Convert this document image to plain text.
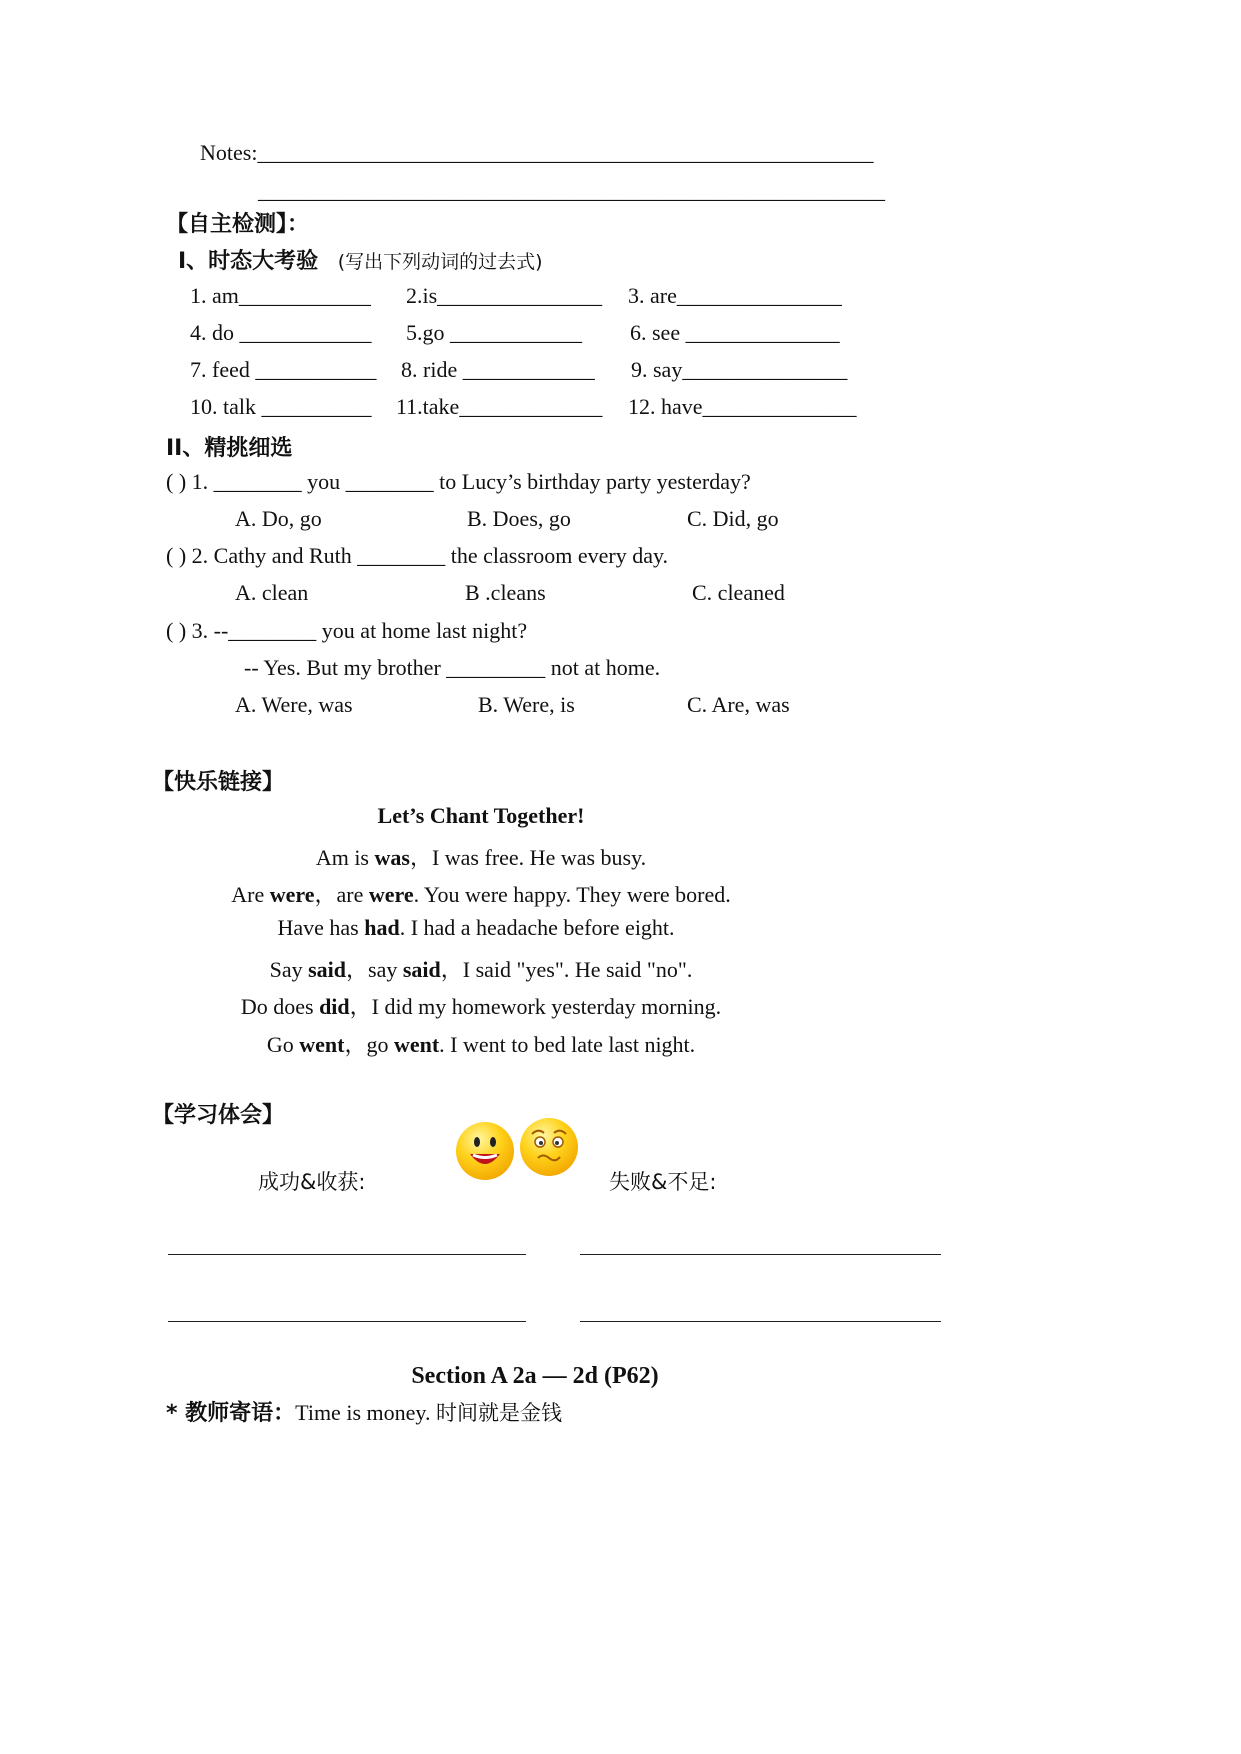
Notes:________________________________________________________
_________________________________________________________
【自主检测】：
I、时态大考验 (写出下列动词的过去式)
1. am____________ 2.is_______________ 3. are_______________
4. do ____________ 5.go ____________ 6. see ______________
7. feed ___________ 8. ride ____________ 9. say_______________
10. talk __________ 11.take_____________ 12. have______________
II、精挑细选
( ) 1. ________ you ________ to Lucy’s birthday party yesterday?
A. Do, go	B. Does, go	C. Did, go
( ) 2. Cathy and Ruth ________ the classroom every day.
A. clean	B .cleans	C. cleaned
( ) 3. --________ you at home last night?
-- Yes. But my brother _________ not at home.
A. Were, was	B. Were, is	C. Are, was
【快乐链接】
Let’s Chant Together!
Am is was，I was free. He was busy.
Are were，are were. You were happy. They were bored.
Have has had. I had a headache before eight.
Say said，say said，I said "yes". He said "no".
Do does did，I did my homework yesterday morning.
Go went，go went. I went to bed late last night.
【学习体会】
成功&收获:	失败&不足:
Section A 2a — 2d (P62)
* 教师寄语：Time is money. 时间就是金钱
